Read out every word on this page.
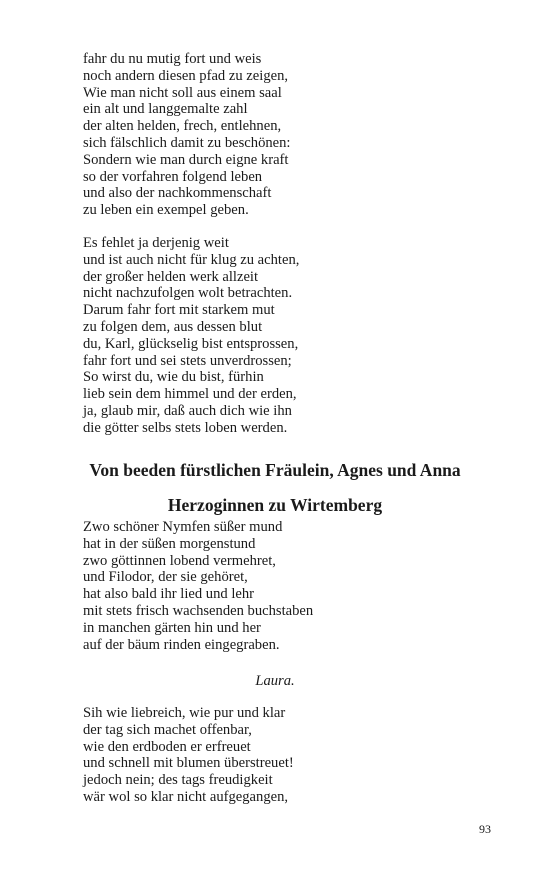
fahr du nu mutig fort und weis
noch andern diesen pfad zu zeigen,
Wie man nicht soll aus einem saal
ein alt und langgemalte zahl
der alten helden, frech, entlehnen,
sich fälschlich damit zu beschönen:
Sondern wie man durch eigne kraft
so der vorfahren folgend leben
und also der nachkommenschaft
zu leben ein exempel geben.
Es fehlet ja derjenig weit
und ist auch nicht für klug zu achten,
der großer helden werk allzeit
nicht nachzufolgen wolt betrachten.
Darum fahr fort mit starkem mut
zu folgen dem, aus dessen blut
du, Karl, glückselig bist entsprossen,
fahr fort und sei stets unverdrossen;
So wirst du, wie du bist, fürhin
lieb sein dem himmel und der erden,
ja, glaub mir, daß auch dich wie ihn
die götter selbs stets loben werden.
Von beeden fürstlichen Fräulein, Agnes und Anna
Herzoginnen zu Wirtemberg
Zwo schöner Nymfen süßer mund
hat in der süßen morgenstund
zwo göttinnen lobend vermehret,
und Filodor, der sie gehöret,
hat also bald ihr lied und lehr
mit stets frisch wachsenden buchstaben
in manchen gärten hin und her
auf der bäum rinden eingegraben.
Laura.
Sih wie liebreich, wie pur und klar
der tag sich machet offenbar,
wie den erdboden er erfreuet
und schnell mit blumen überstreuet!
jedoch nein; des tags freudigkeit
wär wol so klar nicht aufgegangen,
93
